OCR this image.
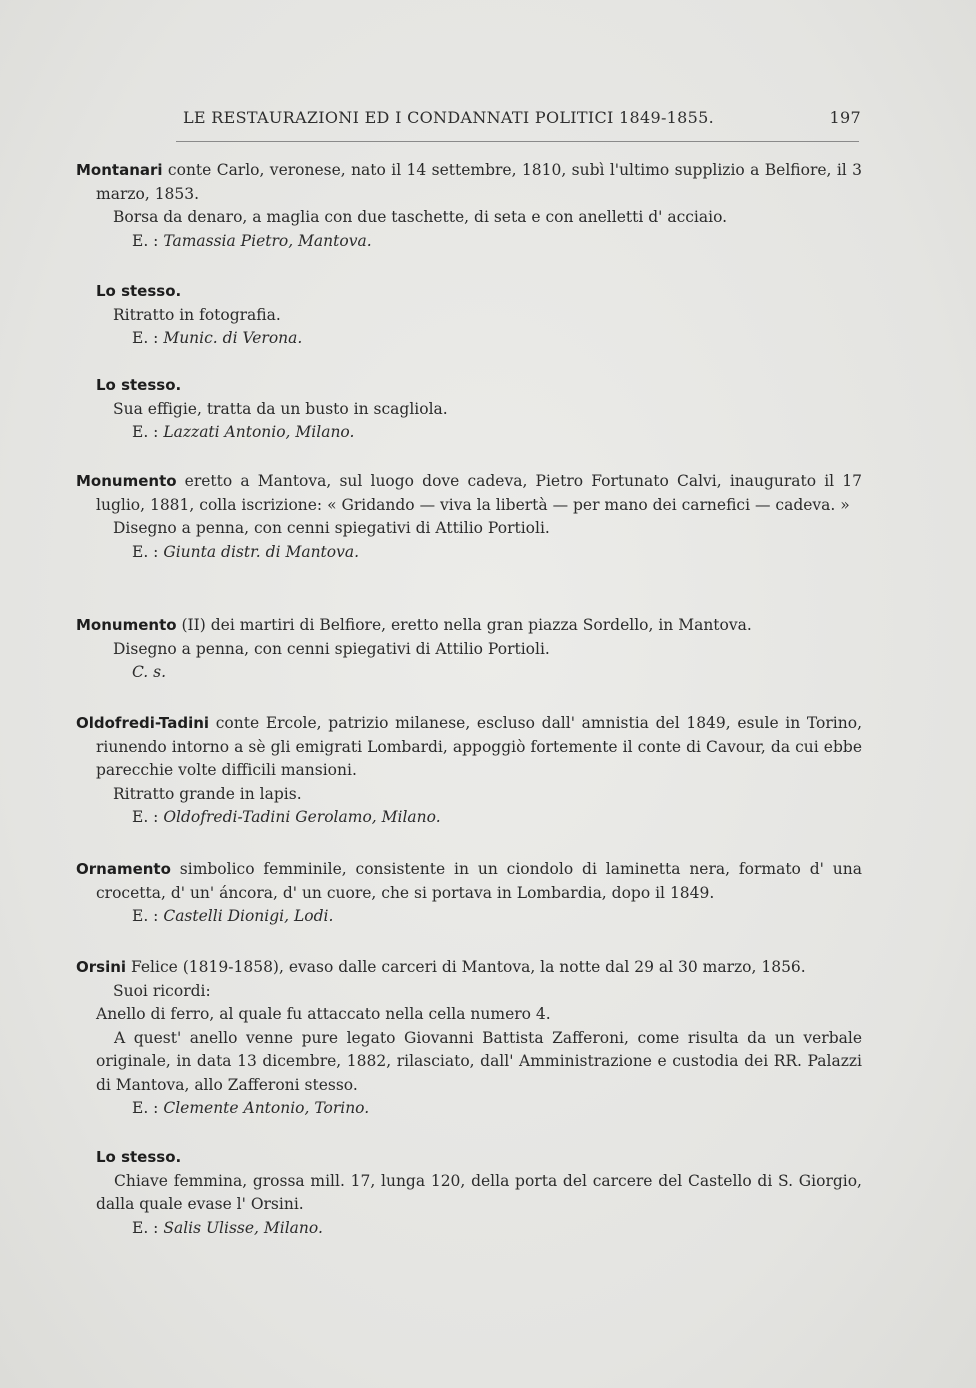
LE RESTAURAZIONI ED I CONDANNATI POLITICI 1849-1855.	197

Montanari conte Carlo, veronese, nato il 14 settembre, 1810, subì l'ultimo supplizio a Belfiore, il 3 marzo, 1853.

Borsa da denaro, a maglia con due taschette, di seta e con anelletti d' acciaio.

E. : Tamassia Pietro, Mantova.

Lo stesso.

Ritratto in fotografia.

E. : Munic. di Verona.

Lo stesso.

Sua effigie, tratta da un busto in scagliola.

E. : Lazzati Antonio, Milano.

Monumento eretto a Mantova, sul luogo dove cadeva, Pietro Fortunato Calvi, inaugurato il 17 luglio, 1881, colla iscrizione: « Gridando — viva la libertà — per mano dei carnefici — cadeva. »

Disegno a penna, con cenni spiegativi di Attilio Portioli.

E. : Giunta distr. di Mantova.

Monumento (II) dei martiri di Belfiore, eretto nella gran piazza Sordello, in Mantova.

Disegno a penna, con cenni spiegativi di Attilio Portioli.

C. s.

Oldofredi-Tadini conte Ercole, patrizio milanese, escluso dall' amnistia del 1849, esule in Torino, riunendo intorno a sè gli emigrati Lombardi, appoggiò fortemente il conte di Cavour, da cui ebbe parecchie volte difficili mansioni.

Ritratto grande in lapis.

E. : Oldofredi-Tadini Gerolamo, Milano.

Ornamento simbolico femminile, consistente in un ciondolo di laminetta nera, formato d' una crocetta, d' un' áncora, d' un cuore, che si portava in Lombardia, dopo il 1849.

E. : Castelli Dionigi, Lodi.

Orsini Felice (1819-1858), evaso dalle carceri di Mantova, la notte dal 29 al 30 marzo, 1856.

Suoi ricordi:

Anello di ferro, al quale fu attaccato nella cella numero 4.

A quest' anello venne pure legato Giovanni Battista Zafferoni, come risulta da un verbale originale, in data 13 dicembre, 1882, rilasciato, dall' Amministrazione e custodia dei RR. Palazzi di Mantova, allo Zafferoni stesso.

E. : Clemente Antonio, Torino.

Lo stesso.

Chiave femmina, grossa mill. 17, lunga 120, della porta del carcere del Castello di S. Giorgio, dalla quale evase l' Orsini.

E. : Salis Ulisse, Milano.
